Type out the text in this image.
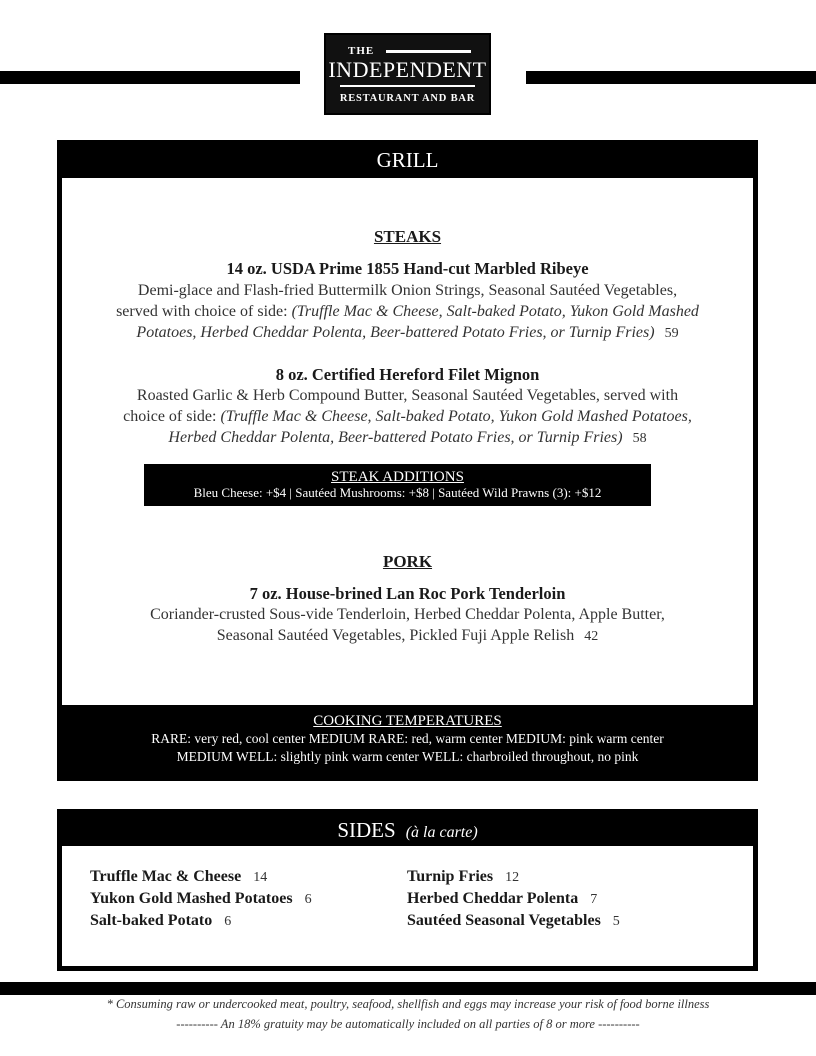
THE
INDEPENDENT
RESTAURANT AND BAR
GRILL
STEAKS
14 oz. USDA Prime 1855 Hand-cut Marbled Ribeye
Demi-glace and Flash-fried Buttermilk Onion Strings, Seasonal Sautéed Vegetables,
served with choice of side: (Truffle Mac & Cheese, Salt-baked Potato, Yukon Gold Mashed
Potatoes, Herbed Cheddar Polenta, Beer-battered Potato Fries, or Turnip Fries) 59
8 oz. Certified Hereford Filet Mignon
Roasted Garlic & Herb Compound Butter, Seasonal Sautéed Vegetables, served with
choice of side: (Truffle Mac & Cheese, Salt-baked Potato, Yukon Gold Mashed Potatoes,
Herbed Cheddar Polenta, Beer-battered Potato Fries, or Turnip Fries) 58
STEAK ADDITIONS
Bleu Cheese: +$4 | Sautéed Mushrooms: +$8 | Sautéed Wild Prawns (3): +$12
PORK
7 oz. House-brined Lan Roc Pork Tenderloin
Coriander-crusted Sous-vide Tenderloin, Herbed Cheddar Polenta, Apple Butter,
Seasonal Sautéed Vegetables, Pickled Fuji Apple Relish 42
COOKING TEMPERATURES
RARE: very red, cool center MEDIUM RARE: red, warm center MEDIUM: pink warm center
MEDIUM WELL: slightly pink warm center WELL: charbroiled throughout, no pink
SIDES (à la carte)
Truffle Mac & Cheese 14
Yukon Gold Mashed Potatoes 6
Salt-baked Potato 6
Turnip Fries 12
Herbed Cheddar Polenta 7
Sautéed Seasonal Vegetables 5
* Consuming raw or undercooked meat, poultry, seafood, shellfish and eggs may increase your risk of food borne illness
---------- An 18% gratuity may be automatically included on all parties of 8 or more ----------
